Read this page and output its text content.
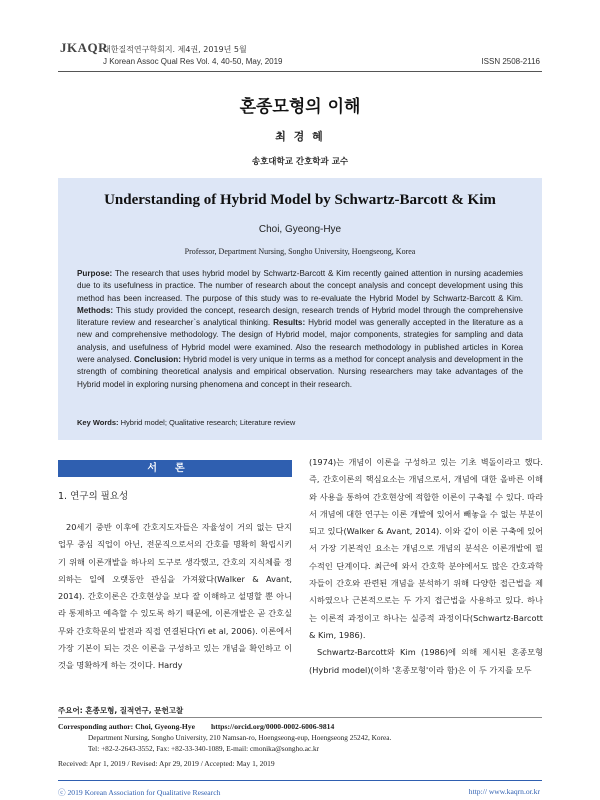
JKAQR
대한질적연구학회지. 제4권, 2019년 5월
J Korean Assoc Qual Res Vol. 4, 40-50, May, 2019	ISSN 2508-2116
혼종모형의 이해
최 경 혜
송호대학교 간호학과 교수
Understanding of Hybrid Model by Schwartz-Barcott & Kim
Choi, Gyeong-Hye
Professor, Department Nursing, Songho University, Hoengseong, Korea
Purpose: The research that uses hybrid model by Schwartz-Barcott & Kim recently gained attention in nursing academies due to its usefulness in practice. The number of research about the concept analysis and concept development using this method has been increased. The purpose of this study was to re-evaluate the Hybrid Model by Schwartz-Barcott & Kim. Methods: This study provided the concept, research design, research trends of Hybrid model through the comprehensive literature review and researcher`s analytical thinking. Results: Hybrid model was generally accepted in the literature as a new and comprehensive methodology. The design of Hybrid model, major components, strategies for sampling and data analysis, and usefulness of Hybrid model were examined. Also the research methodology in published articles in Korea were analysed. Conclusion: Hybrid model is very unique in terms as a method for concept analysis and development in the strength of combining theoretical analysis and empirical observation. Nursing researchers may take advantages of the Hybrid model in exploring nursing phenomena and concept in their research.
Key Words: Hybrid model; Qualitative research; Literature review
서론
1. 연구의 필요성
20세기 중반 이후에 간호지도자들은 자율성이 거의 없는 단지 업무 중심 직업이 아닌, 전문직으로서의 간호를 명확히 확립시키기 위해 이론개발을 하나의 도구로 생각했고, 간호의 지식체를 정의하는 일에 오랫동안 관심을 가져왔다(Walker & Avant, 2014). 간호이론은 간호현상을 보다 잘 이해하고 설명할 뿐 아니라 통제하고 예측할 수 있도록 하기 때문에, 이론개발은 곧 간호실무와 간호학문의 발전과 직접 연결된다(Yi et al, 2006). 이론에서 가장 기본이 되는 것은 이론을 구성하고 있는 개념을 확인하고 이것을 명확하게 하는 것이다. Hardy
(1974)는 개념이 이론을 구성하고 있는 기초 벽돌이라고 했다. 즉, 간호이론의 핵심요소는 개념으로서, 개념에 대한 올바른 이해와 사용을 통하여 간호현상에 적합한 이론이 구축될 수 있다. 따라서 개념에 대한 연구는 이론 개발에 있어서 빼놓을 수 없는 부분이 되고 있다(Walker & Avant, 2014). 이와 같이 이론 구축에 있어서 가장 기본적인 요소는 개념으로 개념의 분석은 이론개발에 필수적인 단계이다. 최근에 와서 간호학 분야에서도 많은 간호과학자들이 간호와 관련된 개념을 분석하기 위해 다양한 접근법을 제시하였으나 근본적으로는 두 가지 접근법을 사용하고 있다. 하나는 이론적 과정이고 하나는 실증적 과정이다(Schwartz-Barcott & Kim, 1986).
Schwartz-Barcott와 Kim (1986)에 의해 제시된 혼종모형(Hybrid model)(이하 '혼종모형'이라 함)은 이 두 가지를 모두
주요어: 혼종모형, 질적연구, 문헌고찰
Corresponding author: Choi, Gyeong-Hye https://orcid.org/0000-0002-6006-9814
Department Nursing, Songho University, 210 Namsan-ro, Hoengseong-eup, Hoengseong 25242, Korea.
Tel: +82-2-2643-3552, Fax: +82-33-340-1089, E-mail: cmonika@songho.ac.kr
Received: Apr 1, 2019 / Revised: Apr 29, 2019 / Accepted: May 1, 2019
ⓒ 2019 Korean Association for Qualitative Research	http:// www.kaqrn.or.kr
